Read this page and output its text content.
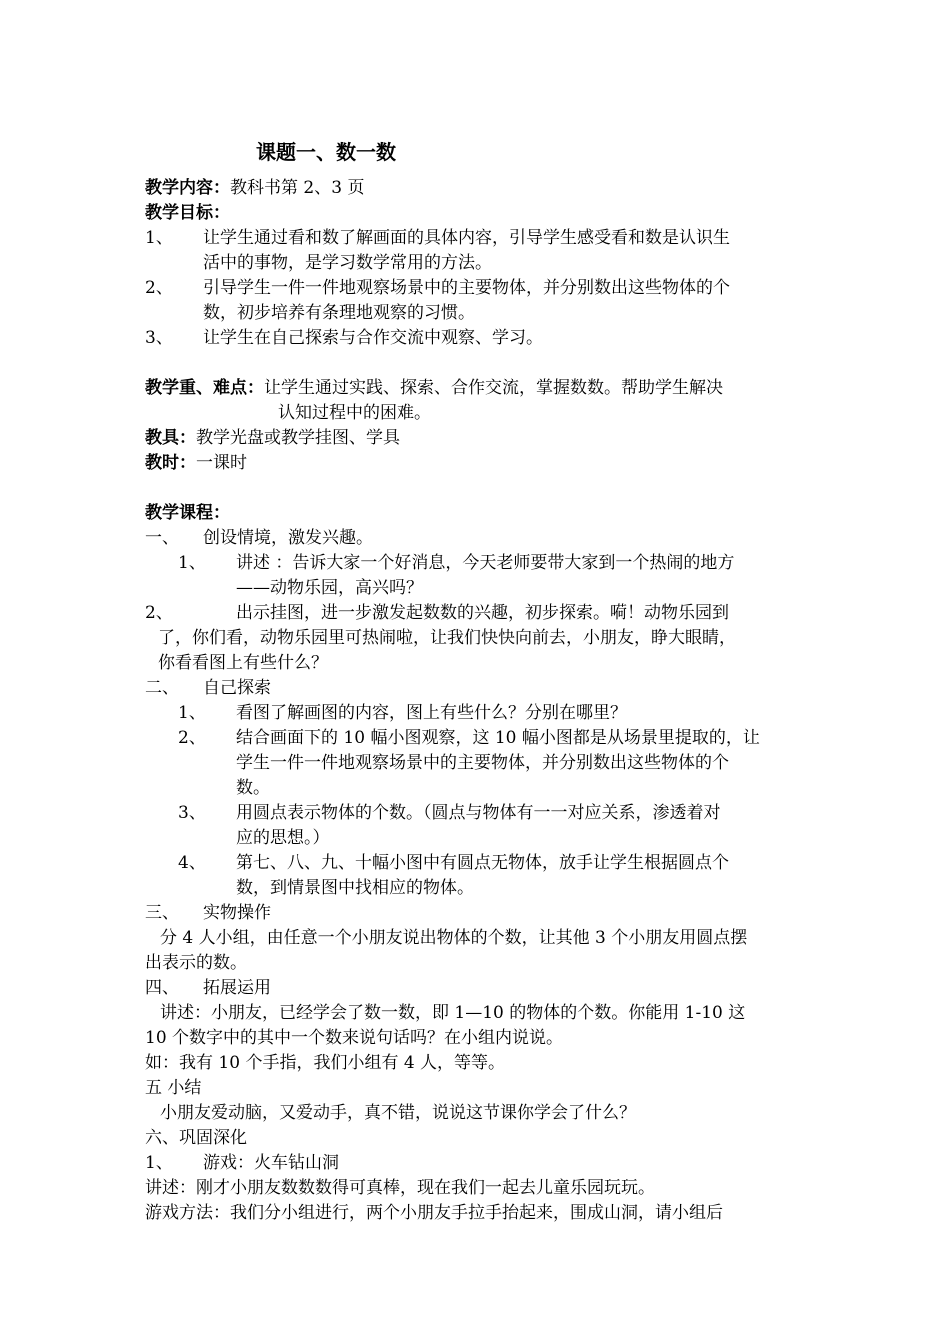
课题一、数一数
教学内容：教科书第 2、3 页
教学目标：
1、 让学生通过看和数了解画面的具体内容，引导学生感受看和数是认识生
活中的事物，是学习数学常用的方法。
2、 引导学生一件一件地观察场景中的主要物体，并分别数出这些物体的个
数，初步培养有条理地观察的习惯。
3、 让学生在自己探索与合作交流中观察、学习。
教学重、难点：让学生通过实践、探索、合作交流，掌握数数。帮助学生解决
认知过程中的困难。
教具：教学光盘或教学挂图、学具
教时：一课时
教学课程：
一、 创设情境，激发兴趣。
1、 讲述 ：告诉大家一个好消息，今天老师要带大家到一个热闹的地方
——动物乐园，高兴吗？
2、	出示挂图，进一步激发起数数的兴趣，初步探索。嗬！动物乐园到
了，你们看，动物乐园里可热闹啦，让我们快快向前去，小朋友，睁大眼睛，
你看看图上有些什么？
二、 自己探索
1、 看图了解画图的内容，图上有些什么？分别在哪里？
2、 结合画面下的 10 幅小图观察，这 10 幅小图都是从场景里提取的，让
学生一件一件地观察场景中的主要物体，并分别数出这些物体的个
数。
3、 用圆点表示物体的个数。（圆点与物体有一一对应关系，渗透着对
应的思想。）
4、 第七、八、九、十幅小图中有圆点无物体，放手让学生根据圆点个
数，到情景图中找相应的物体。
三、 实物操作
分 4 人小组，由任意一个小朋友说出物体的个数，让其他 3 个小朋友用圆点摆
出表示的数。
四、 拓展运用
讲述：小朋友，已经学会了数一数，即 1—10 的物体的个数。你能用 1-10 这
10 个数字中的其中一个数来说句话吗？在小组内说说。
如：我有 10 个手指，我们小组有 4 人，等等。
五 小结
小朋友爱动脑，又爱动手，真不错，说说这节课你学会了什么？
六、巩固深化
1、 游戏：火车钻山洞
讲述：刚才小朋友数数数得可真棒，现在我们一起去儿童乐园玩玩。
游戏方法：我们分小组进行，两个小朋友手拉手抬起来，围成山洞，请小组后
